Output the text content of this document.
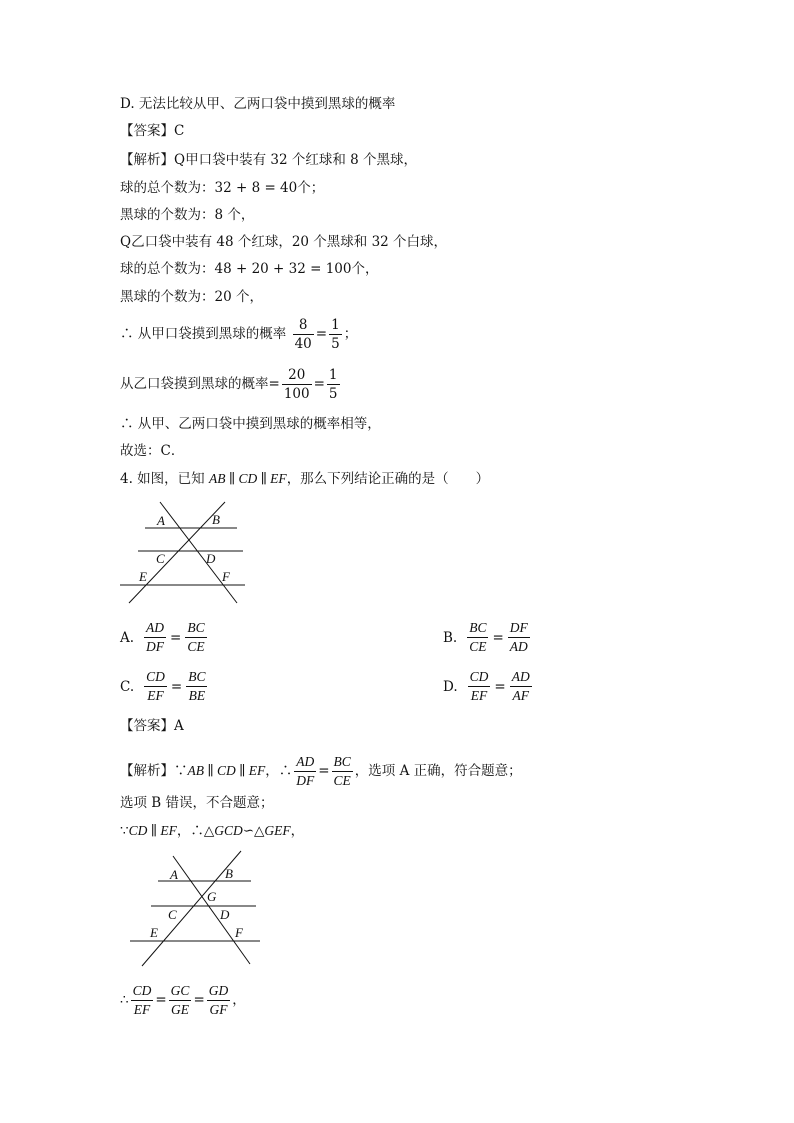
D. 无法比较从甲、乙两口袋中摸到黑球的概率
【答案】C
【解析】Q甲口袋中装有 32 个红球和 8 个黑球，
球的总个数为：32 + 8 = 40个；
黑球的个数为：8 个，
Q乙口袋中装有 48 个红球，20 个黑球和 32 个白球，
球的总个数为：48 + 20 + 32 = 100个，
黑球的个数为：20 个，
∴ 从甲口袋摸到黑球的概率 $\frac{8}{40} = \frac{1}{5}$ ；
从乙口袋摸到黑球的概率= $\frac{20}{100} = \frac{1}{5}$
∴ 从甲、乙两口袋中摸到黑球的概率相等，
故选：C．
4. 如图，已知 AB ∥ CD ∥ EF，那么下列结论正确的是（　　）
A	B
C	D
E	F
A. $\frac{AD}{DF} = \frac{BC}{CE}$	B. $\frac{BC}{CE} = \frac{DF}{AD}$
C. $\frac{CD}{EF} = \frac{BC}{BE}$	D. $\frac{CD}{EF} = \frac{AD}{AF}$
【答案】A
【解析】∵AB ∥ CD ∥ EF，∴ $\frac{AD}{DF} = \frac{BC}{CE}$ ，选项 A 正确，符合题意；
选项 B 错误，不合题意；
∵CD ∥ EF，∴△GCD∽△GEF，
A	B
G
C	D
E	F
∴ $\frac{CD}{EF} = \frac{GC}{GE} = \frac{GD}{GF}$ ，
